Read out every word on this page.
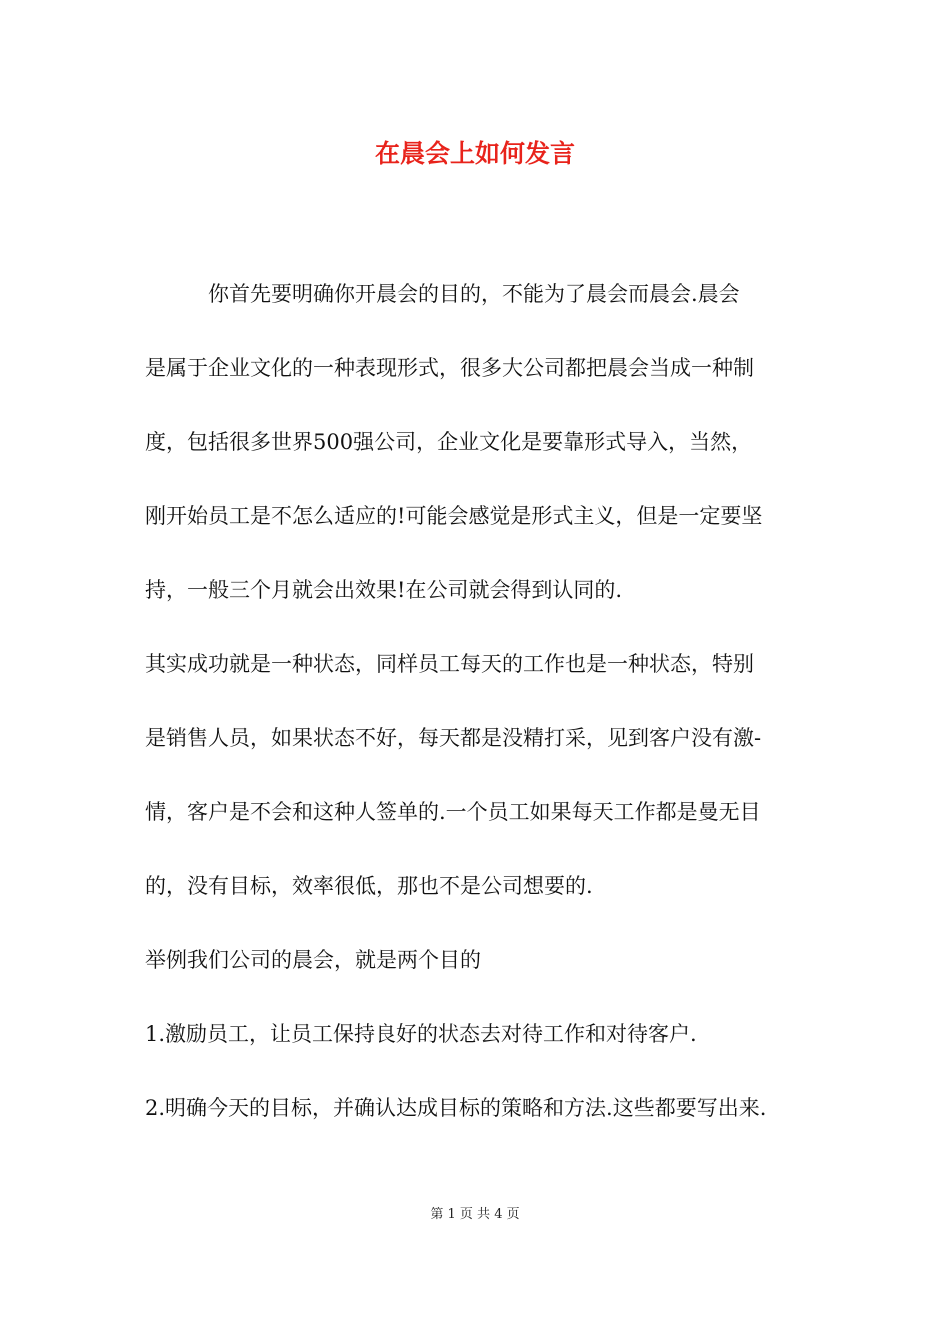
在晨会上如何发言

　　　你首先要明确你开晨会的目的，不能为了晨会而晨会.晨会

是属于企业文化的一种表现形式，很多大公司都把晨会当成一种制

度，包括很多世界500强公司，企业文化是要靠形式导入，当然，

刚开始员工是不怎么适应的!可能会感觉是形式主义，但是一定要坚

持，一般三个月就会出效果!在公司就会得到认同的.

其实成功就是一种状态，同样员工每天的工作也是一种状态，特别

是销售人员，如果状态不好，每天都是没精打采，见到客户没有激-

情，客户是不会和这种人签单的.一个员工如果每天工作都是曼无目

的，没有目标，效率很低，那也不是公司想要的.

举例我们公司的晨会，就是两个目的

1.激励员工，让员工保持良好的状态去对待工作和对待客户.

2.明确今天的目标，并确认达成目标的策略和方法.这些都要写出来.

第 1 页 共 4 页
